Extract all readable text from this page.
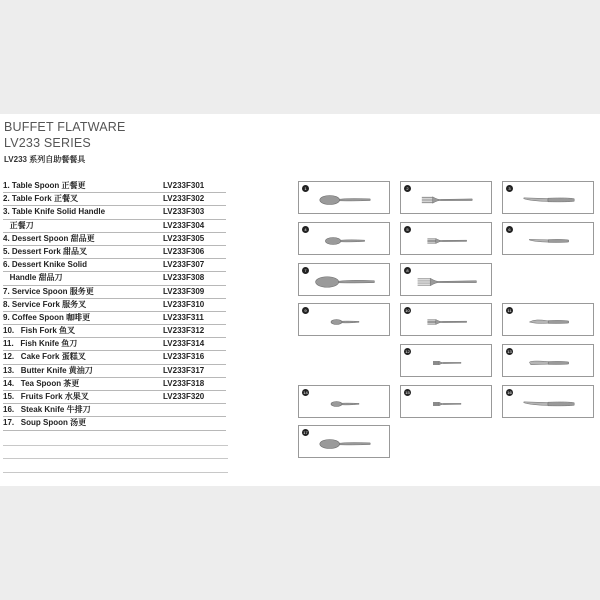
BUFFET FLATWARE
LV233 SERIES
LV233 系列自助餐餐具
1. Table Spoon 正餐更	LV233F301
2. Table Fork 正餐叉	LV233F302
3. Table Knife Solid Handle	LV233F303
正餐刀	LV233F304
4. Dessert Spoon 甜品更	LV233F305
5. Dessert Fork 甜品叉	LV233F306
6. Dessert Knike Solid	LV233F307
Handle 甜品刀	LV233F308
7. Service Spoon 服务更	LV233F309
8. Service Fork 服务叉	LV233F310
9. Coffee Spoon 咖啡更	LV233F311
10.   Fish Fork 鱼叉	LV233F312
11.   Fish Knife 鱼刀	LV233F314
12.   Cake Fork 蛋糕叉	LV233F316
13.   Butter Knife 黄油刀	LV233F317
14.   Tea Spoon 茶更	LV233F318
15.   Fruits Fork 水果叉	LV233F320
16.   Steak Knife 牛排刀
17.   Soup Spoon 汤更
1	2	3
4	5	6
7	8
9	10	11
12	13
14	15	16
17
